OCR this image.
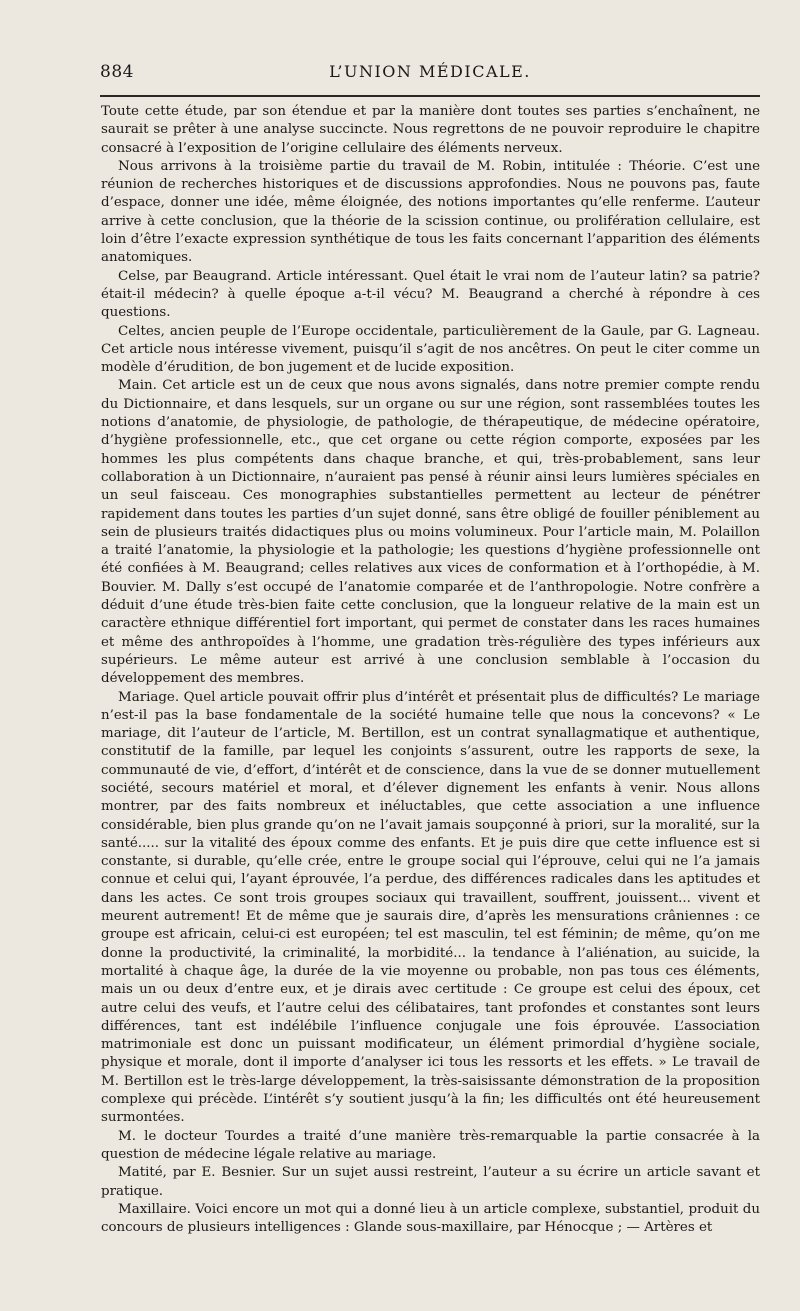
884	L’UNION MÉDICALE.

Toute cette étude, par son étendue et par la manière dont toutes ses parties s’enchaînent, ne saurait se prêter à une analyse succincte. Nous regrettons de ne pouvoir reproduire le chapitre consacré à l’exposition de l’origine cellulaire des éléments nerveux.

Nous arrivons à la troisième partie du travail de M. Robin, intitulée : Théorie. C’est une réunion de recherches historiques et de discussions approfondies. Nous ne pouvons pas, faute d’espace, donner une idée, même éloignée, des notions importantes qu’elle renferme. L’auteur arrive à cette conclusion, que la théorie de la scission continue, ou prolifération cellulaire, est loin d’être l’exacte expression synthétique de tous les faits concernant l’apparition des éléments anatomiques.

Celse, par Beaugrand. Article intéressant. Quel était le vrai nom de l’auteur latin? sa patrie? était-il médecin? à quelle époque a-t-il vécu? M. Beaugrand a cherché à répondre à ces questions.

Celtes, ancien peuple de l’Europe occidentale, particulièrement de la Gaule, par G. Lagneau. Cet article nous intéresse vivement, puisqu’il s’agit de nos ancêtres. On peut le citer comme un modèle d’érudition, de bon jugement et de lucide exposition.

Main. Cet article est un de ceux que nous avons signalés, dans notre premier compte rendu du Dictionnaire, et dans lesquels, sur un organe ou sur une région, sont rassemblées toutes les notions d’anatomie, de physiologie, de pathologie, de thérapeutique, de médecine opératoire, d’hygiène professionnelle, etc., que cet organe ou cette région comporte, exposées par les hommes les plus compétents dans chaque branche, et qui, très-probablement, sans leur collaboration à un Dictionnaire, n’auraient pas pensé à réunir ainsi leurs lumières spéciales en un seul faisceau. Ces monographies substantielles permettent au lecteur de pénétrer rapidement dans toutes les parties d’un sujet donné, sans être obligé de fouiller péniblement au sein de plusieurs traités didactiques plus ou moins volumineux. Pour l’article main, M. Polaillon a traité l’anatomie, la physiologie et la pathologie; les questions d’hygiène professionnelle ont été confiées à M. Beaugrand; celles relatives aux vices de conformation et à l’orthopédie, à M. Bouvier. M. Dally s’est occupé de l’anatomie comparée et de l’anthropologie. Notre confrère a déduit d’une étude très-bien faite cette conclusion, que la longueur relative de la main est un caractère ethnique différentiel fort important, qui permet de constater dans les races humaines et même des anthropoïdes à l’homme, une gradation très-régulière des types inférieurs aux supérieurs. Le même auteur est arrivé à une conclusion semblable à l’occasion du développement des membres.

Mariage. Quel article pouvait offrir plus d’intérêt et présentait plus de difficultés? Le mariage n’est-il pas la base fondamentale de la société humaine telle que nous la concevons? « Le mariage, dit l’auteur de l’article, M. Bertillon, est un contrat synallagmatique et authentique, constitutif de la famille, par lequel les conjoints s’assurent, outre les rapports de sexe, la communauté de vie, d’effort, d’intérêt et de conscience, dans la vue de se donner mutuellement société, secours matériel et moral, et d’élever dignement les enfants à venir. Nous allons montrer, par des faits nombreux et inéluctables, que cette association a une influence considérable, bien plus grande qu’on ne l’avait jamais soupçonné à priori, sur la moralité, sur la santé..... sur la vitalité des époux comme des enfants. Et je puis dire que cette influence est si constante, si durable, qu’elle crée, entre le groupe social qui l’éprouve, celui qui ne l’a jamais connue et celui qui, l’ayant éprouvée, l’a perdue, des différences radicales dans les aptitudes et dans les actes. Ce sont trois groupes sociaux qui travaillent, souffrent, jouissent... vivent et meurent autrement! Et de même que je saurais dire, d’après les mensurations crâniennes : ce groupe est africain, celui-ci est européen; tel est masculin, tel est féminin; de même, qu’on me donne la productivité, la criminalité, la morbidité... la tendance à l’aliénation, au suicide, la mortalité à chaque âge, la durée de la vie moyenne ou probable, non pas tous ces éléments, mais un ou deux d’entre eux, et je dirais avec certitude : Ce groupe est celui des époux, cet autre celui des veufs, et l’autre celui des célibataires, tant profondes et constantes sont leurs différences, tant est indélébile l’influence conjugale une fois éprouvée. L’association matrimoniale est donc un puissant modificateur, un élément primordial d’hygiène sociale, physique et morale, dont il importe d’analyser ici tous les ressorts et les effets. » Le travail de M. Bertillon est le très-large développement, la très-saisissante démonstration de la proposition complexe qui précède. L’intérêt s’y soutient jusqu’à la fin; les difficultés ont été heureusement surmontées.

M. le docteur Tourdes a traité d’une manière très-remarquable la partie consacrée à la question de médecine légale relative au mariage.

Matité, par E. Besnier. Sur un sujet aussi restreint, l’auteur a su écrire un article savant et pratique.

Maxillaire. Voici encore un mot qui a donné lieu à un article complexe, substantiel, produit du concours de plusieurs intelligences : Glande sous-maxillaire, par Hénocque ; — Artères et
